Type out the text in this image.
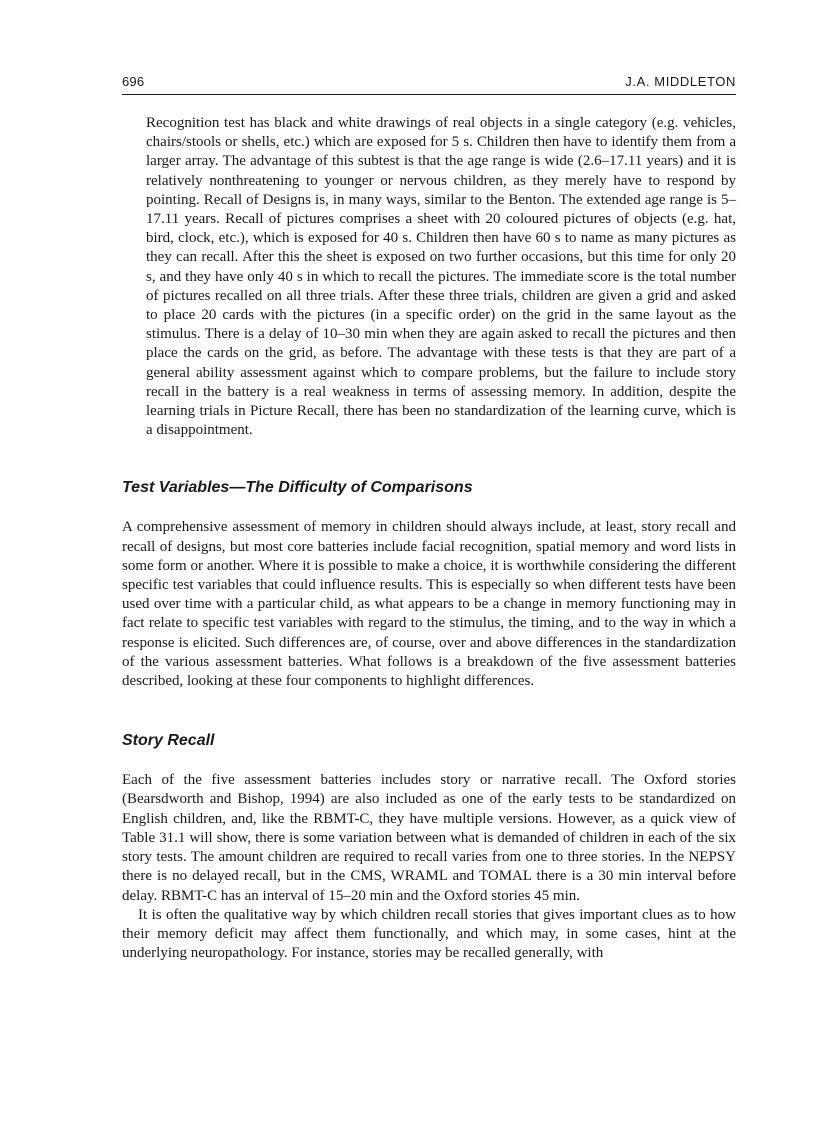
696	J.A. MIDDLETON

Recognition test has black and white drawings of real objects in a single category (e.g. vehicles, chairs/stools or shells, etc.) which are exposed for 5 s. Children then have to identify them from a larger array. The advantage of this subtest is that the age range is wide (2.6–17.11 years) and it is relatively nonthreatening to younger or nervous children, as they merely have to respond by pointing. Recall of Designs is, in many ways, similar to the Benton. The extended age range is 5–17.11 years. Recall of pictures comprises a sheet with 20 coloured pictures of objects (e.g. hat, bird, clock, etc.), which is exposed for 40 s. Children then have 60 s to name as many pictures as they can recall. After this the sheet is exposed on two further occasions, but this time for only 20 s, and they have only 40 s in which to recall the pictures. The immediate score is the total number of pictures recalled on all three trials. After these three trials, children are given a grid and asked to place 20 cards with the pictures (in a specific order) on the grid in the same layout as the stimulus. There is a delay of 10–30 min when they are again asked to recall the pictures and then place the cards on the grid, as before. The advantage with these tests is that they are part of a general ability assessment against which to compare problems, but the failure to include story recall in the battery is a real weakness in terms of assessing memory. In addition, despite the learning trials in Picture Recall, there has been no standardization of the learning curve, which is a disappointment.

Test Variables—The Difficulty of Comparisons

A comprehensive assessment of memory in children should always include, at least, story recall and recall of designs, but most core batteries include facial recognition, spatial memory and word lists in some form or another. Where it is possible to make a choice, it is worthwhile considering the different specific test variables that could influence results. This is especially so when different tests have been used over time with a particular child, as what appears to be a change in memory functioning may in fact relate to specific test variables with regard to the stimulus, the timing, and to the way in which a response is elicited. Such differences are, of course, over and above differences in the standardization of the various assessment batteries. What follows is a breakdown of the five assessment batteries described, looking at these four components to highlight differences.

Story Recall

Each of the five assessment batteries includes story or narrative recall. The Oxford stories (Bearsdworth and Bishop, 1994) are also included as one of the early tests to be standardized on English children, and, like the RBMT-C, they have multiple versions. However, as a quick view of Table 31.1 will show, there is some variation between what is demanded of children in each of the six story tests. The amount children are required to recall varies from one to three stories. In the NEPSY there is no delayed recall, but in the CMS, WRAML and TOMAL there is a 30 min interval before delay. RBMT-C has an interval of 15–20 min and the Oxford stories 45 min.

It is often the qualitative way by which children recall stories that gives important clues as to how their memory deficit may affect them functionally, and which may, in some cases, hint at the underlying neuropathology. For instance, stories may be recalled generally, with
